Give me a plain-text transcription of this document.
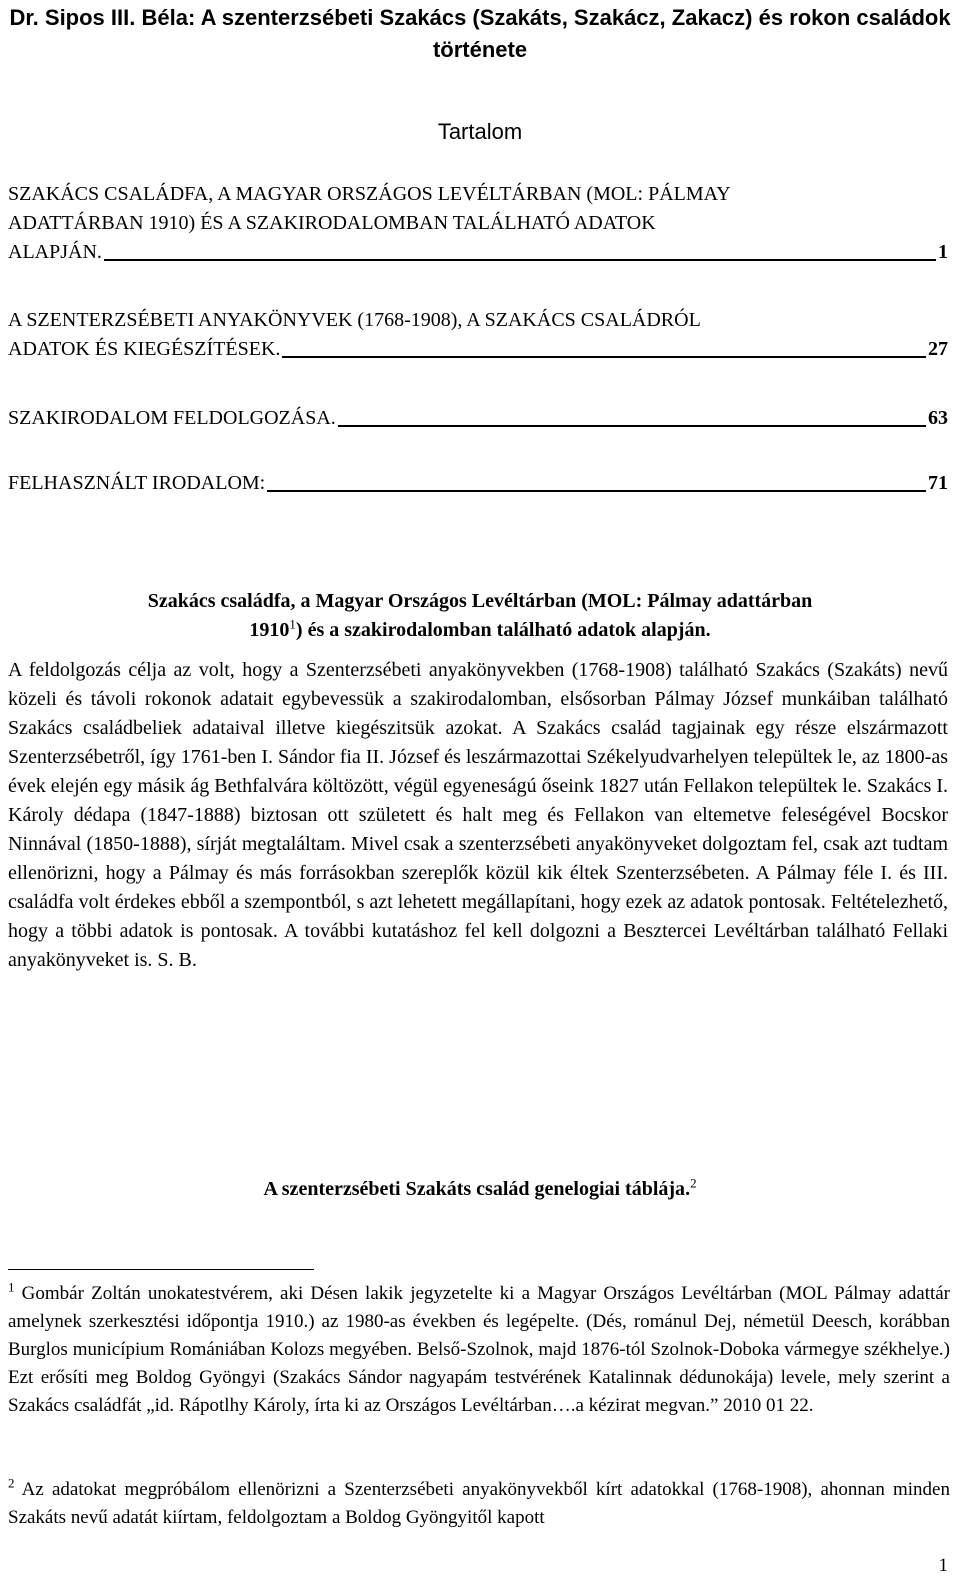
Dr. Sipos III. Béla: A szenterzsébeti Szakács (Szakáts, Szakácz, Zakacz) és rokon családok története
Tartalom
SZAKÁCS CSALÁDFA, A MAGYAR ORSZÁGOS LEVÉLTÁRBAN (MOL: PÁLMAY
ADATTÁRBAN 1910) ÉS A SZAKIRODALOMBAN TALÁLHATÓ ADATOK
ALAPJÁN.	1
A SZENTERZSÉBETI ANYAKÖNYVEK (1768-1908), A SZAKÁCS CSALÁDRÓL
ADATOK ÉS KIEGÉSZÍTÉSEK.	27
SZAKIRODALOM FELDOLGOZÁSA.	63
FELHASZNÁLT IRODALOM:	71
Szakács családfa, a Magyar Országos Levéltárban (MOL: Pálmay adattárban
1910$^1$) és a szakirodalomban található adatok alapján.
A feldolgozás célja az volt, hogy a Szenterzsébeti anyakönyvekben (1768-1908) található Szakács (Szakáts) nevű közeli és távoli rokonok adatait egybevessük a szakirodalomban, elsősorban Pálmay József munkáiban található Szakács családbeliek adataival illetve kiegészitsük azokat. A Szakács család tagjainak egy része elszármazott Szenterzsébetről, így 1761-ben I. Sándor fia II. József és leszármazottai Székelyudvarhelyen települtek le, az 1800-as évek elején egy másik ág Bethfalvára költözött, végül egyeneságú őseink 1827 után Fellakon települtek le. Szakács I. Károly dédapa (1847-1888) biztosan ott született és halt meg és Fellakon van eltemetve feleségével Bocskor Ninnával (1850-1888), sírját megtaláltam. Mivel csak a szenterzsébeti anyakönyveket dolgoztam fel, csak azt tudtam ellenörizni, hogy a Pálmay és más forrásokban szereplők közül kik éltek Szenterzsébeten. A Pálmay féle I. és III. családfa volt érdekes ebből a szempontból, s azt lehetett megállapítani, hogy ezek az adatok pontosak. Feltételezhető, hogy a többi adatok is pontosak. A további kutatáshoz fel kell dolgozni a Besztercei Levéltárban található Fellaki anyakönyveket is. S. B.
A szenterzsébeti Szakáts család genelogiai táblája.$^2$
$^1$ Gombár Zoltán unokatestvérem, aki Désen lakik jegyzetelte ki a Magyar Országos Levéltárban (MOL Pálmay adattár amelynek szerkesztési időpontja 1910.) az 1980-as években és legépelte. (Dés, románul Dej, németül Deesch, korábban Burglos municípium Romániában Kolozs megyében. Belső-Szolnok, majd 1876-tól Szolnok-Doboka vármegye székhelye.) Ezt erősíti meg Boldog Gyöngyi (Szakács Sándor nagyapám testvérének Katalinnak dédunokája) levele, mely szerint a Szakács családfát „id. Rápotlhy Károly, írta ki az Országos Levéltárban….a kézirat megvan.” 2010 01 22.
$^2$ Az adatokat megpróbálom ellenörizni a Szenterzsébeti anyakönyvekből kírt adatokkal (1768-1908), ahonnan minden Szakáts nevű adatát kiírtam, feldolgoztam a Boldog Gyöngyitől kapott
1
